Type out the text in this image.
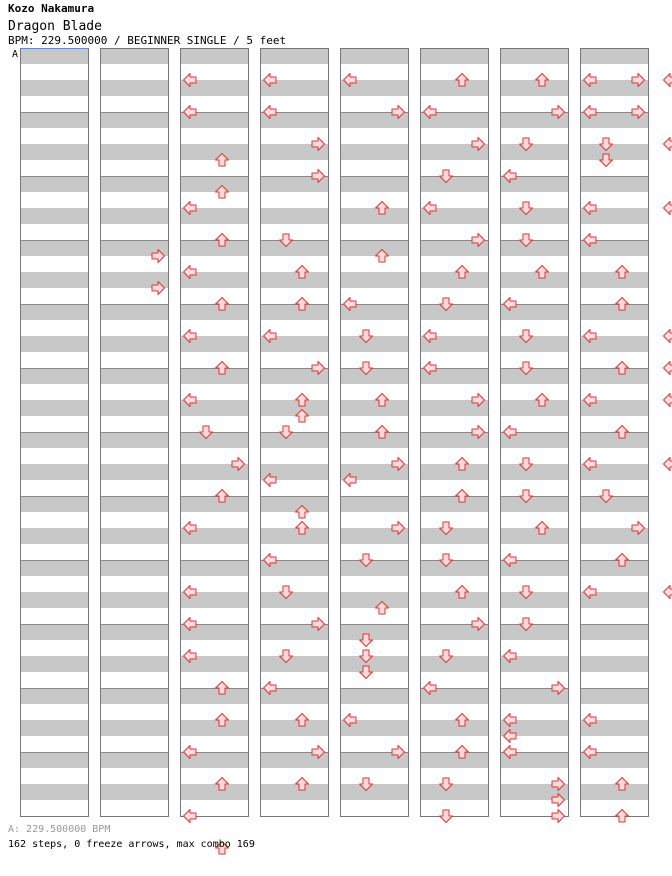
Kozo Nakamura
Dragon Blade
BPM: 229.500000 / BEGINNER SINGLE / 5 feet
A
A: 229.500000 BPM
162 steps, 0 freeze arrows, max combo 169
